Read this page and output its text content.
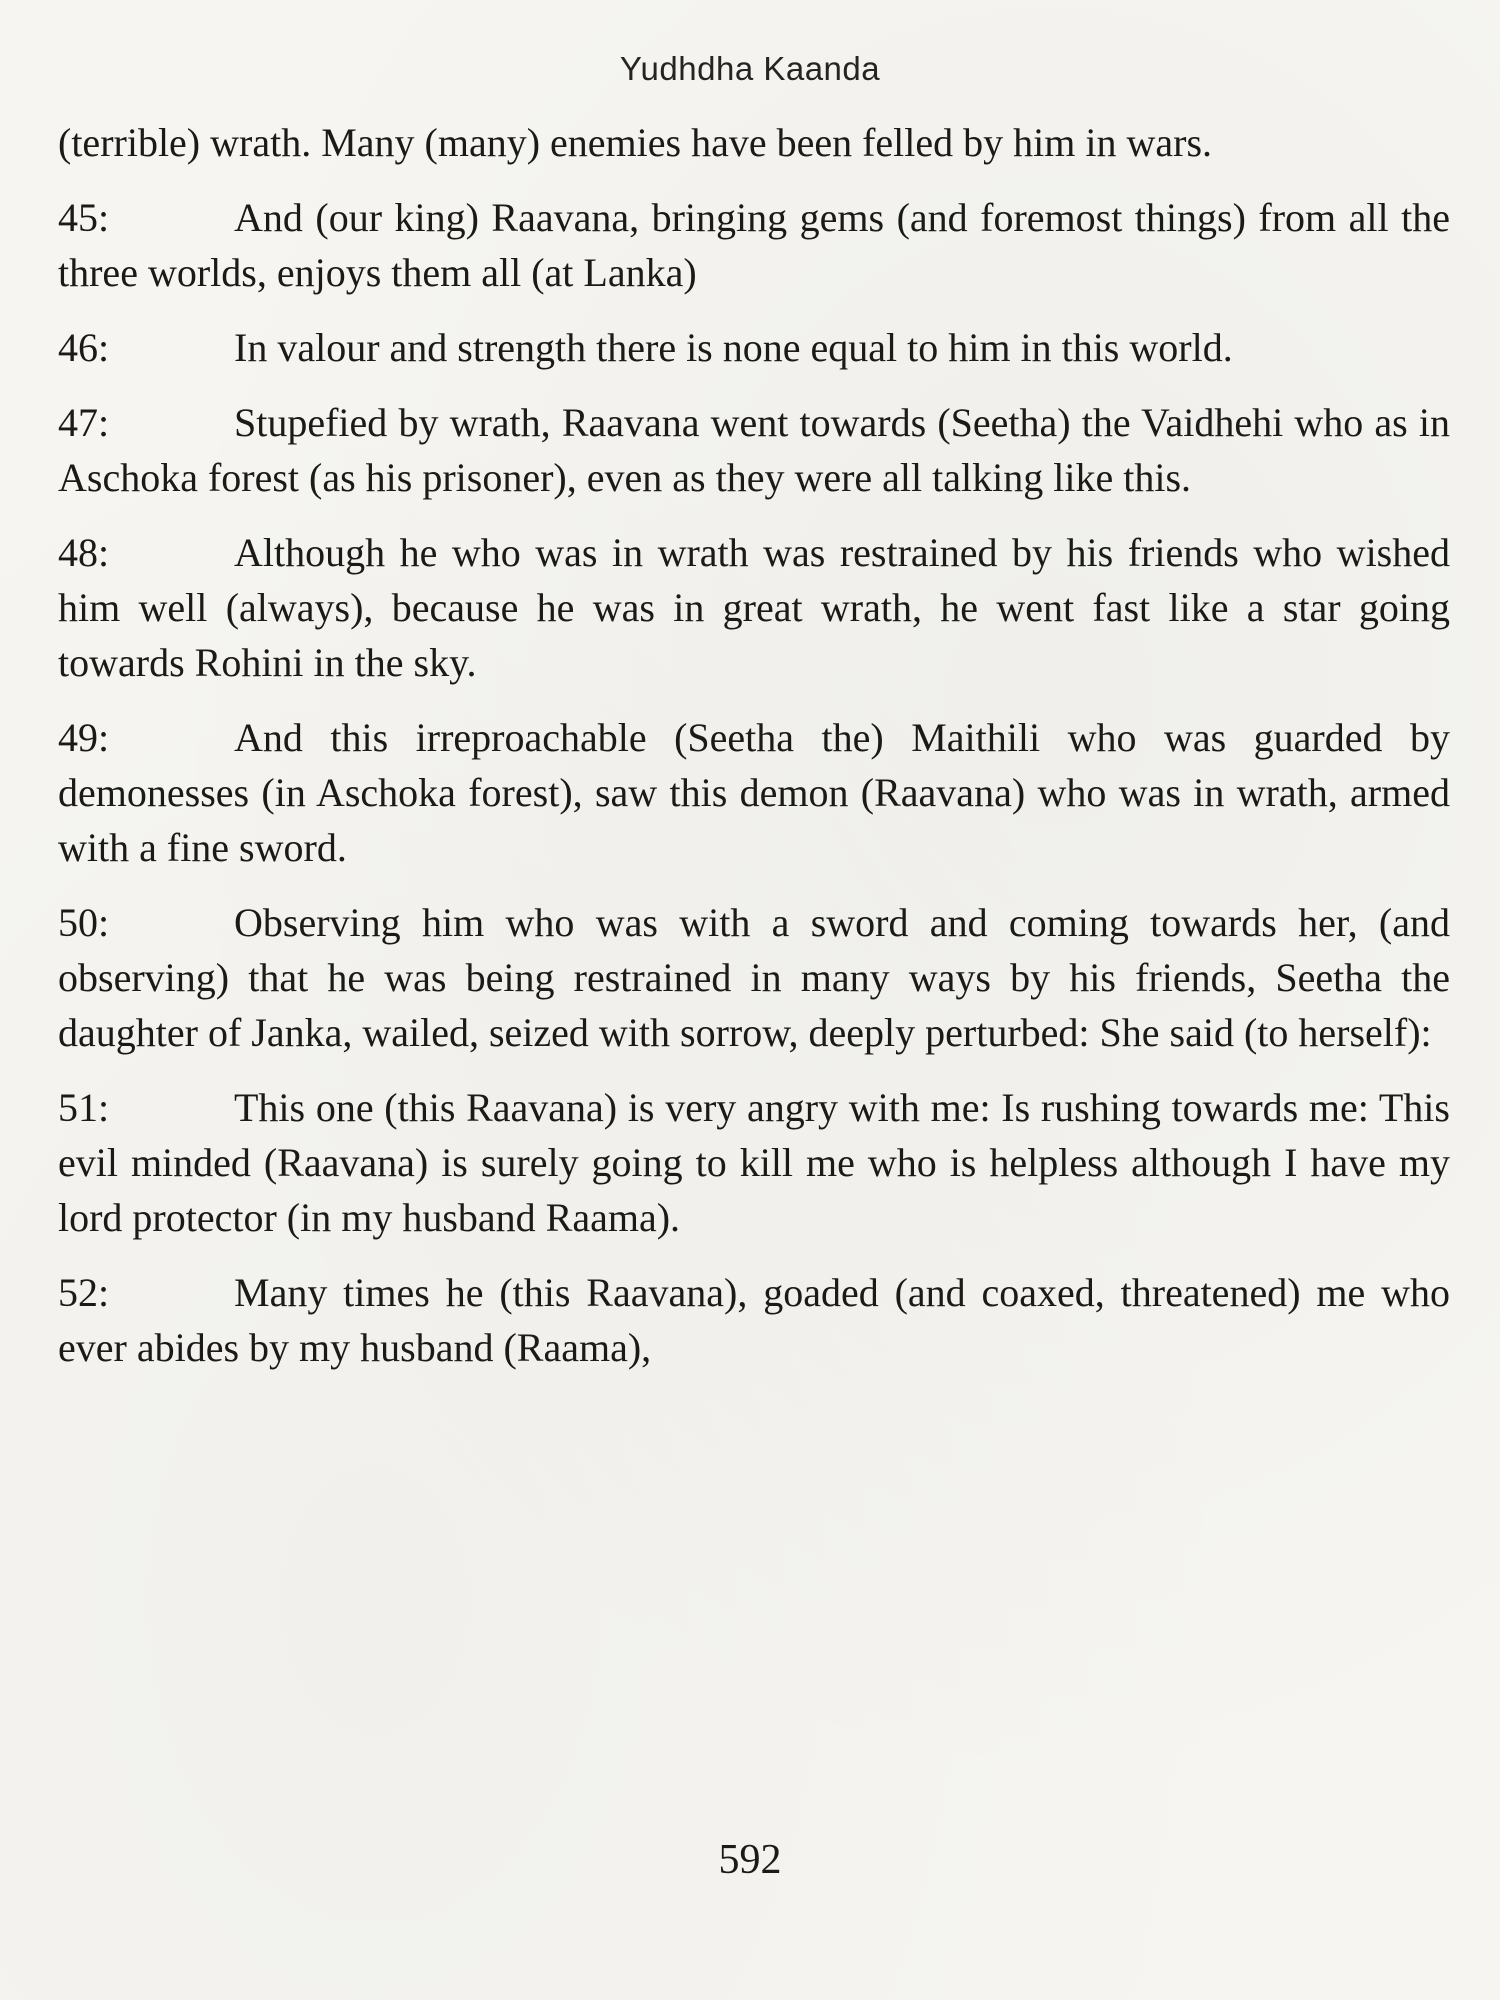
Yudhdha Kaanda

(terrible) wrath. Many (many) enemies have been felled by him in wars.

45:	And (our king) Raavana, bringing gems (and foremost things) from all the three worlds, enjoys them all (at Lanka)

46:	In valour and strength there is none equal to him in this world.

47:	Stupefied by wrath, Raavana went towards (Seetha) the Vaidhehi who as in Aschoka forest (as his prisoner), even as they were all talking like this.

48:	Although he who was in wrath was restrained by his friends who wished him well (always), because he was in great wrath, he went fast like a star going towards Rohini in the sky.

49:	And this irreproachable (Seetha the) Maithili who was guarded by demonesses (in Aschoka forest), saw this demon (Raavana) who was in wrath, armed with a fine sword.

50:	Observing him who was with a sword and coming towards her, (and observing) that he was being restrained in many ways by his friends, Seetha the daughter of Janka, wailed, seized with sorrow, deeply perturbed: She said (to herself):

51:	This one (this Raavana) is very angry with me: Is rushing towards me: This evil minded (Raavana) is surely going to kill me who is helpless although I have my lord protector (in my husband Raama).

52:	Many times he (this Raavana), goaded (and coaxed, threatened) me who ever abides by my husband (Raama),

592
